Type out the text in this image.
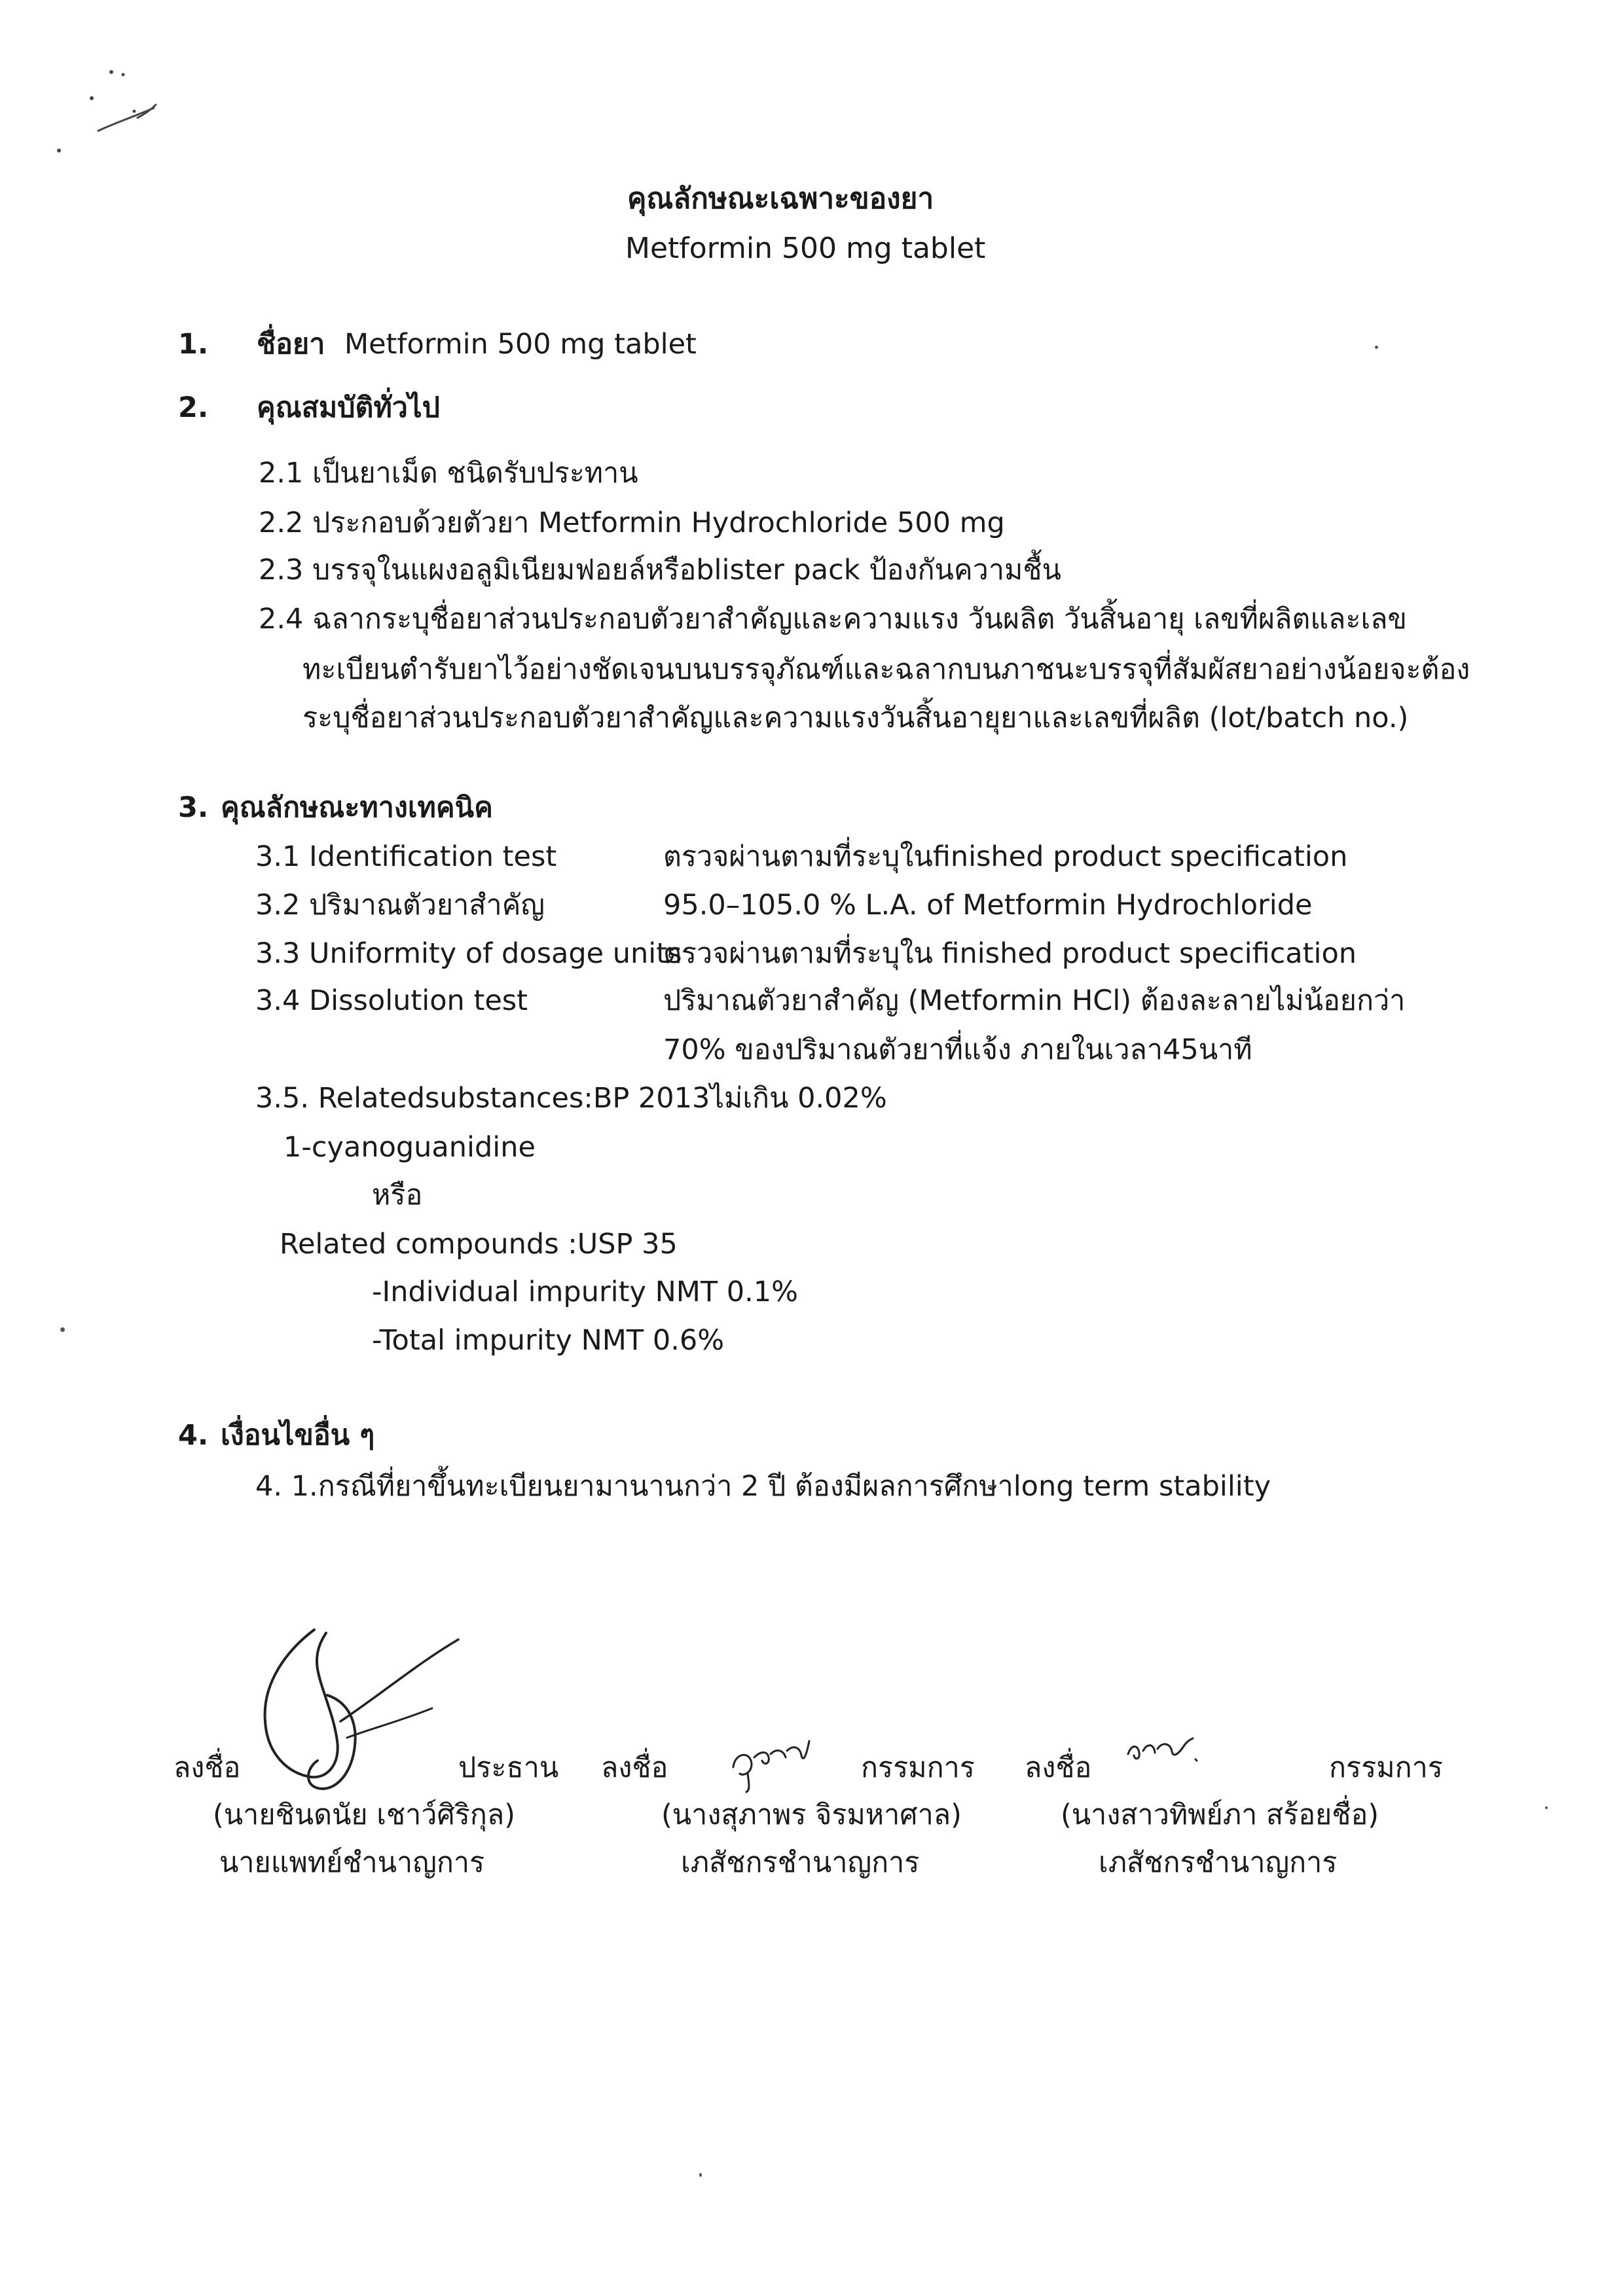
คุณลักษณะเฉพาะของยา
Metformin 500 mg tablet
1. ชื่อยา Metformin 500 mg tablet
2. คุณสมบัติทั่วไป
2.1 เป็นยาเม็ด ชนิดรับประทาน
2.2 ประกอบด้วยตัวยา Metformin Hydrochloride 500 mg
2.3 บรรจุในแผงอลูมิเนียมฟอยล์หรือblister pack ป้องกันความชื้น
2.4 ฉลากระบุชื่อยาส่วนประกอบตัวยาสำคัญและความแรง วันผลิต วันสิ้นอายุ เลขที่ผลิตและเลข
ทะเบียนตำรับยาไว้อย่างชัดเจนบนบรรจุภัณฑ์และฉลากบนภาชนะบรรจุที่สัมผัสยาอย่างน้อยจะต้อง
ระบุชื่อยาส่วนประกอบตัวยาสำคัญและความแรงวันสิ้นอายุยาและเลขที่ผลิต (lot/batch no.)
3. คุณลักษณะทางเทคนิค
3.1 Identification test	ตรวจผ่านตามที่ระบุในfinished product specification
3.2 ปริมาณตัวยาสำคัญ	95.0–105.0 % L.A. of Metformin Hydrochloride
3.3 Uniformity of dosage units
ตรวจผ่านตามที่ระบุใน finished product specification
3.4 Dissolution test	ปริมาณตัวยาสำคัญ (Metformin HCl) ต้องละลายไม่น้อยกว่า
70% ของปริมาณตัวยาที่แจ้ง ภายในเวลา45นาที
3.5. Relatedsubstances:BP 2013ไม่เกิน 0.02%
1-cyanoguanidine
หรือ
Related compounds :USP 35
-Individual impurity NMT 0.1%
-Total impurity NMT 0.6%
4. เงื่อนไขอื่น ๆ
4. 1.กรณีที่ยาขึ้นทะเบียนยามานานกว่า 2 ปี ต้องมีผลการศึกษาlong term stability
ลงชื่อ	ประธาน
(นายชินดนัย เชาว์ศิริกุล)
นายแพทย์ชำนาญการ
ลงชื่อ	กรรมการ
(นางสุภาพร จิรมหาศาล)
เภสัชกรชำนาญการ
ลงชื่อ	กรรมการ
(นางสาวทิพย์ภา สร้อยชื่อ)
เภสัชกรชำนาญการ
